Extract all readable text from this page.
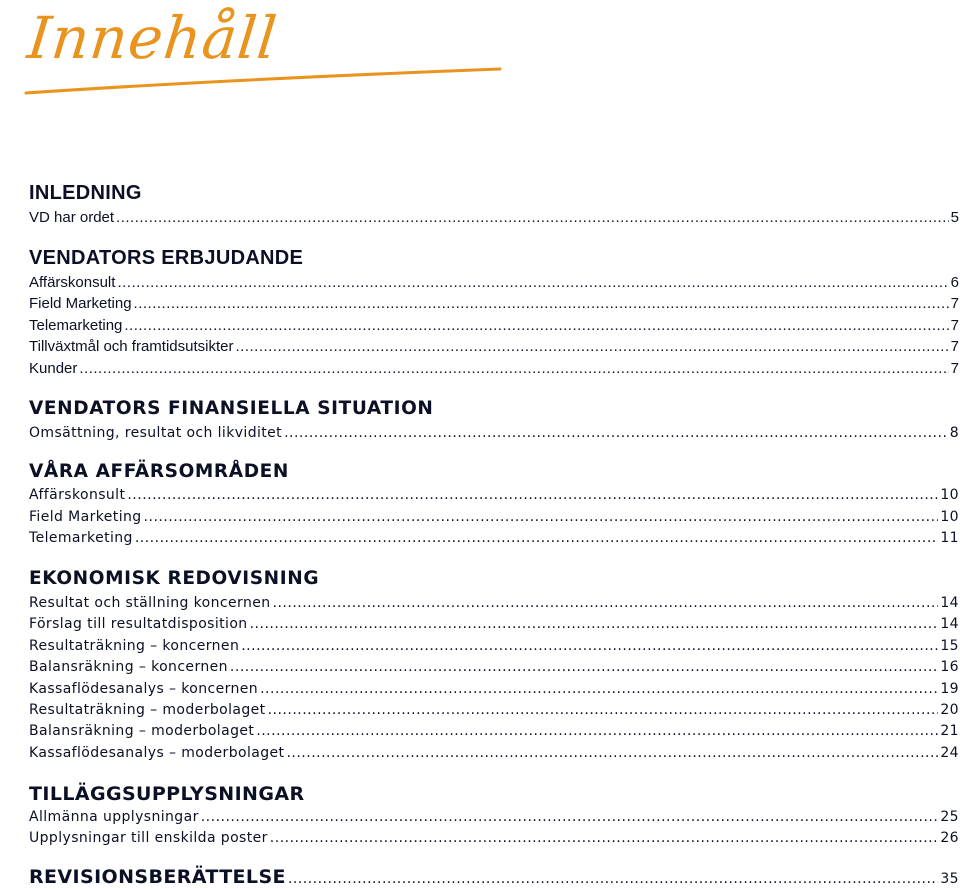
Innehåll
INLEDNING
VD har ordet .....	5
VENDATORS ERBJUDANDE
Affärskonsult .....	6
Field Marketing .....	7
Telemarketing .....	7
Tillväxtmål och framtidsutsikter .....	7
Kunder .....	7
VENDATORS FINANSIELLA SITUATION
Omsättning, resultat och likviditet .....	8
VÅRA AFFÄRSOMRÅDEN
Affärskonsult .....	10
Field Marketing .....	10
Telemarketing .....	11
EKONOMISK REDOVISNING
Resultat och ställning koncernen .....	14
Förslag till resultatdisposition .....	14
Resultaträkning – koncernen .....	15
Balansräkning – koncernen .....	16
Kassaflödesanalys – koncernen .....	19
Resultaträkning – moderbolaget .....	20
Balansräkning – moderbolaget .....	21
Kassaflödesanalys – moderbolaget .....	24
TILLÄGGSUPPLYSNINGAR
Allmänna upplysningar .....	25
Upplysningar till enskilda poster .....	26
REVISIONSBERÄTTELSE .....	35
